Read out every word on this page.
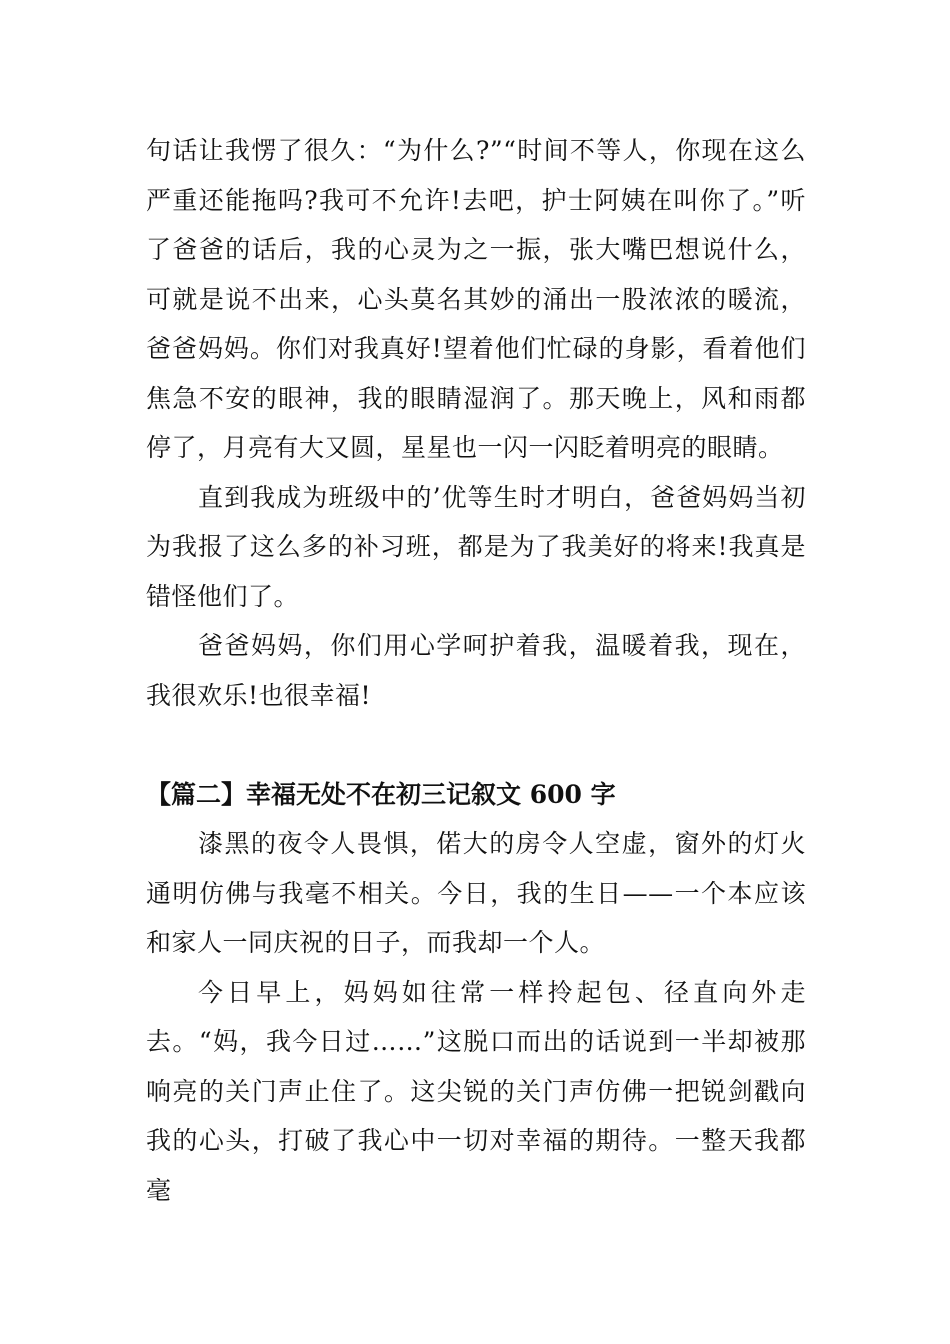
句话让我愣了很久：“为什么?”“时间不等人，你现在这么严重还能拖吗?我可不允许!去吧，护士阿姨在叫你了。”听了爸爸的话后，我的心灵为之一振，张大嘴巴想说什么，可就是说不出来，心头莫名其妙的涌出一股浓浓的暖流，爸爸妈妈。你们对我真好!望着他们忙碌的身影，看着他们焦急不安的眼神，我的眼睛湿润了。那天晚上，风和雨都停了，月亮有大又圆，星星也一闪一闪眨着明亮的眼睛。

直到我成为班级中的’优等生时才明白，爸爸妈妈当初为我报了这么多的补习班，都是为了我美好的将来!我真是错怪他们了。

爸爸妈妈，你们用心学呵护着我，温暖着我，现在，我很欢乐!也很幸福!

【篇二】幸福无处不在初三记叙文 600 字

漆黑的夜令人畏惧，偌大的房令人空虚，窗外的灯火通明仿佛与我毫不相关。今日，我的生日——一个本应该和家人一同庆祝的日子，而我却一个人。

今日早上，妈妈如往常一样拎起包、径直向外走去。“妈，我今日过……”这脱口而出的话说到一半却被那响亮的关门声止住了。这尖锐的关门声仿佛一把锐剑戳向我的心头，打破了我心中一切对幸福的期待。一整天我都毫
